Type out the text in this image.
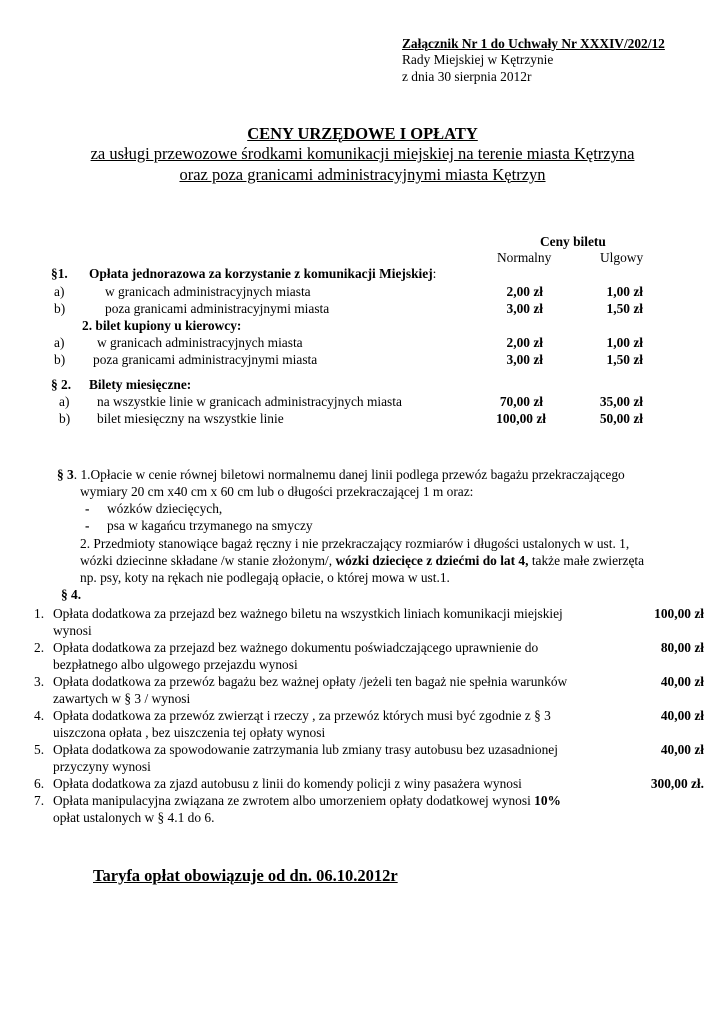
Załącznik Nr 1 do Uchwały Nr XXXIV/202/12
Rady Miejskiej w Kętrzynie
z dnia 30 sierpnia 2012r
CENY URZĘDOWE I OPŁATY
za usługi przewozowe środkami komunikacji miejskiej na terenie miasta Kętrzyna
oraz poza granicami administracyjnymi miasta Kętrzyn
Ceny biletu
Normalny	Ulgowy
§1. Opłata jednorazowa za korzystanie z komunikacji Miejskiej:
a)	w granicach administracyjnych miasta	2,00 zł	1,00 zł
b)	poza granicami administracyjnymi miasta	3,00 zł	1,50 zł
2. bilet kupiony u kierowcy:
a) w granicach administracyjnych miasta	2,00 zł	1,00 zł
b) poza granicami administracyjnymi miasta	3,00 zł	1,50 zł
§ 2. Bilety miesięczne:
a) na wszystkie linie w granicach administracyjnych miasta	70,00 zł	35,00 zł
b) bilet miesięczny na wszystkie linie	100,00 zł	50,00 zł
§ 3. 1.Opłacie w cenie równej biletowi normalnemu danej linii podlega przewóz bagażu przekraczającego
wymiary 20 cm x40 cm x 60 cm lub o długości przekraczającej 1 m oraz:
- wózków dziecięcych,
- psa w kagańcu trzymanego na smyczy
2. Przedmioty stanowiące bagaż ręczny i nie przekraczający rozmiarów i długości ustalonych w ust. 1,
wózki dziecinne składane /w stanie złożonym/, wózki dziecięce z dziećmi do lat 4, także małe zwierzęta
np. psy, koty na rękach nie podlegają opłacie, o której mowa w ust.1.
§ 4.
1. Opłata dodatkowa za przejazd bez ważnego biletu na wszystkich liniach komunikacji miejskiej
wynosi
100,00 zł
2. Opłata dodatkowa za przejazd bez ważnego dokumentu poświadczającego uprawnienie do
bezpłatnego albo ulgowego przejazdu wynosi
80,00 zł
3. Opłata dodatkowa za przewóz bagażu bez ważnej opłaty /jeżeli ten bagaż nie spełnia warunków
zawartych w § 3 / wynosi
40,00 zł
4. Opłata dodatkowa za przewóz zwierząt i rzeczy , za przewóz których musi być zgodnie z § 3
uiszczona opłata , bez uiszczenia tej opłaty wynosi
40,00 zł
5. Opłata dodatkowa za spowodowanie zatrzymania lub zmiany trasy autobusu bez uzasadnionej
przyczyny wynosi
40,00 zł
6. Opłata dodatkowa za zjazd autobusu z linii do komendy policji z winy pasażera wynosi	300,00 zł.
7. Opłata manipulacyjna związana ze zwrotem albo umorzeniem opłaty dodatkowej wynosi 10%
opłat ustalonych w § 4.1 do 6.
Taryfa opłat obowiązuje od dn. 06.10.2012r
